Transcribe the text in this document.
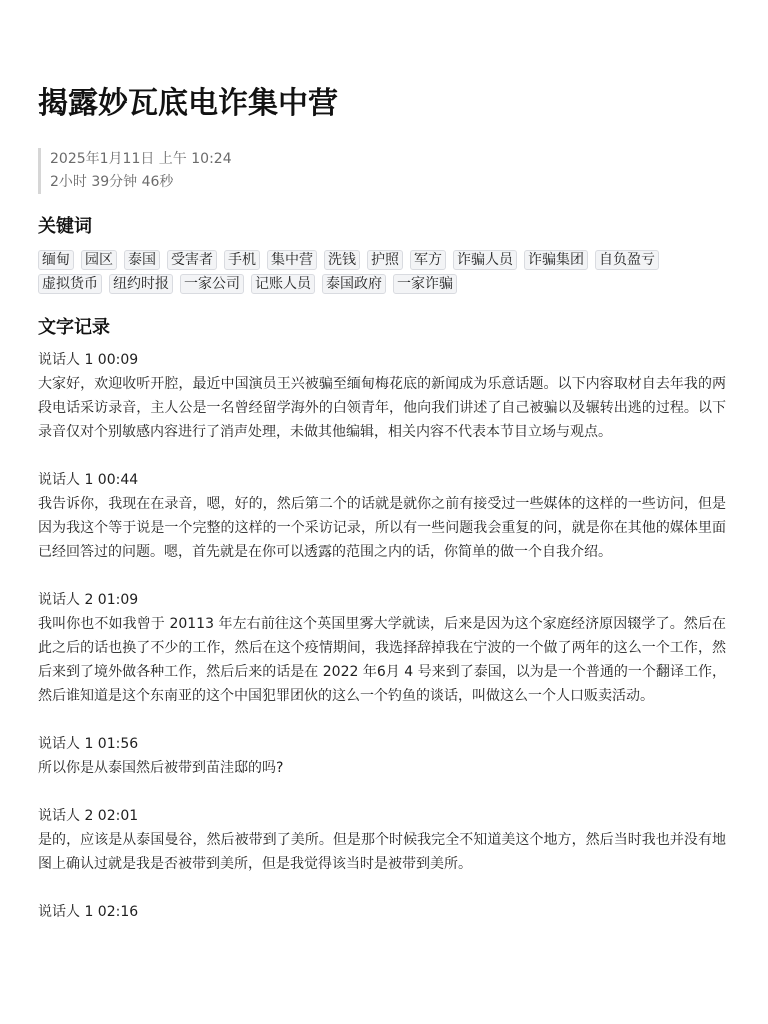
揭露妙瓦底电诈集中营
2025年1月11日 上午 10:24
2小时 39分钟 46秒
关键词
缅甸 园区 泰国 受害者 手机 集中营 洗钱 护照 军方 诈骗人员 诈骗集团 自负盈亏
虚拟货币 纽约时报 一家公司 记账人员 泰国政府 一家诈骗
文字记录
说话人 1 00:09
大家好，欢迎收听开腔，最近中国演员王兴被骗至缅甸梅花底的新闻成为乐意话题。以下内容取材自去年我的两段电话采访录音，主人公是一名曾经留学海外的白领青年，他向我们讲述了自己被骗以及辗转出逃的过程。以下录音仅对个别敏感内容进行了消声处理，未做其他编辑，相关内容不代表本节目立场与观点。
说话人 1 00:44
我告诉你，我现在在录音，嗯，好的，然后第二个的话就是就你之前有接受过一些媒体的这样的一些访问，但是因为我这个等于说是一个完整的这样的一个采访记录，所以有一些问题我会重复的问，就是你在其他的媒体里面已经回答过的问题。嗯，首先就是在你可以透露的范围之内的话，你简单的做一个自我介绍。
说话人 2 01:09
我叫你也不如我曾于 20113 年左右前往这个英国里雾大学就读，后来是因为这个家庭经济原因辍学了。然后在此之后的话也换了不少的工作，然后在这个疫情期间，我选择辞掉我在宁波的一个做了两年的这么一个工作，然后来到了境外做各种工作，然后后来的话是在 2022 年6月 4 号来到了泰国，以为是一个普通的一个翻译工作，然后谁知道是这个东南亚的这个中国犯罪团伙的这么一个钓鱼的谈话，叫做这么一个人口贩卖活动。
说话人 1 01:56
所以你是从泰国然后被带到苗洼邸的吗?
说话人 2 02:01
是的，应该是从泰国曼谷，然后被带到了美所。但是那个时候我完全不知道美这个地方，然后当时我也并没有地图上确认过就是我是否被带到美所，但是我觉得该当时是被带到美所。
说话人 1 02:16
